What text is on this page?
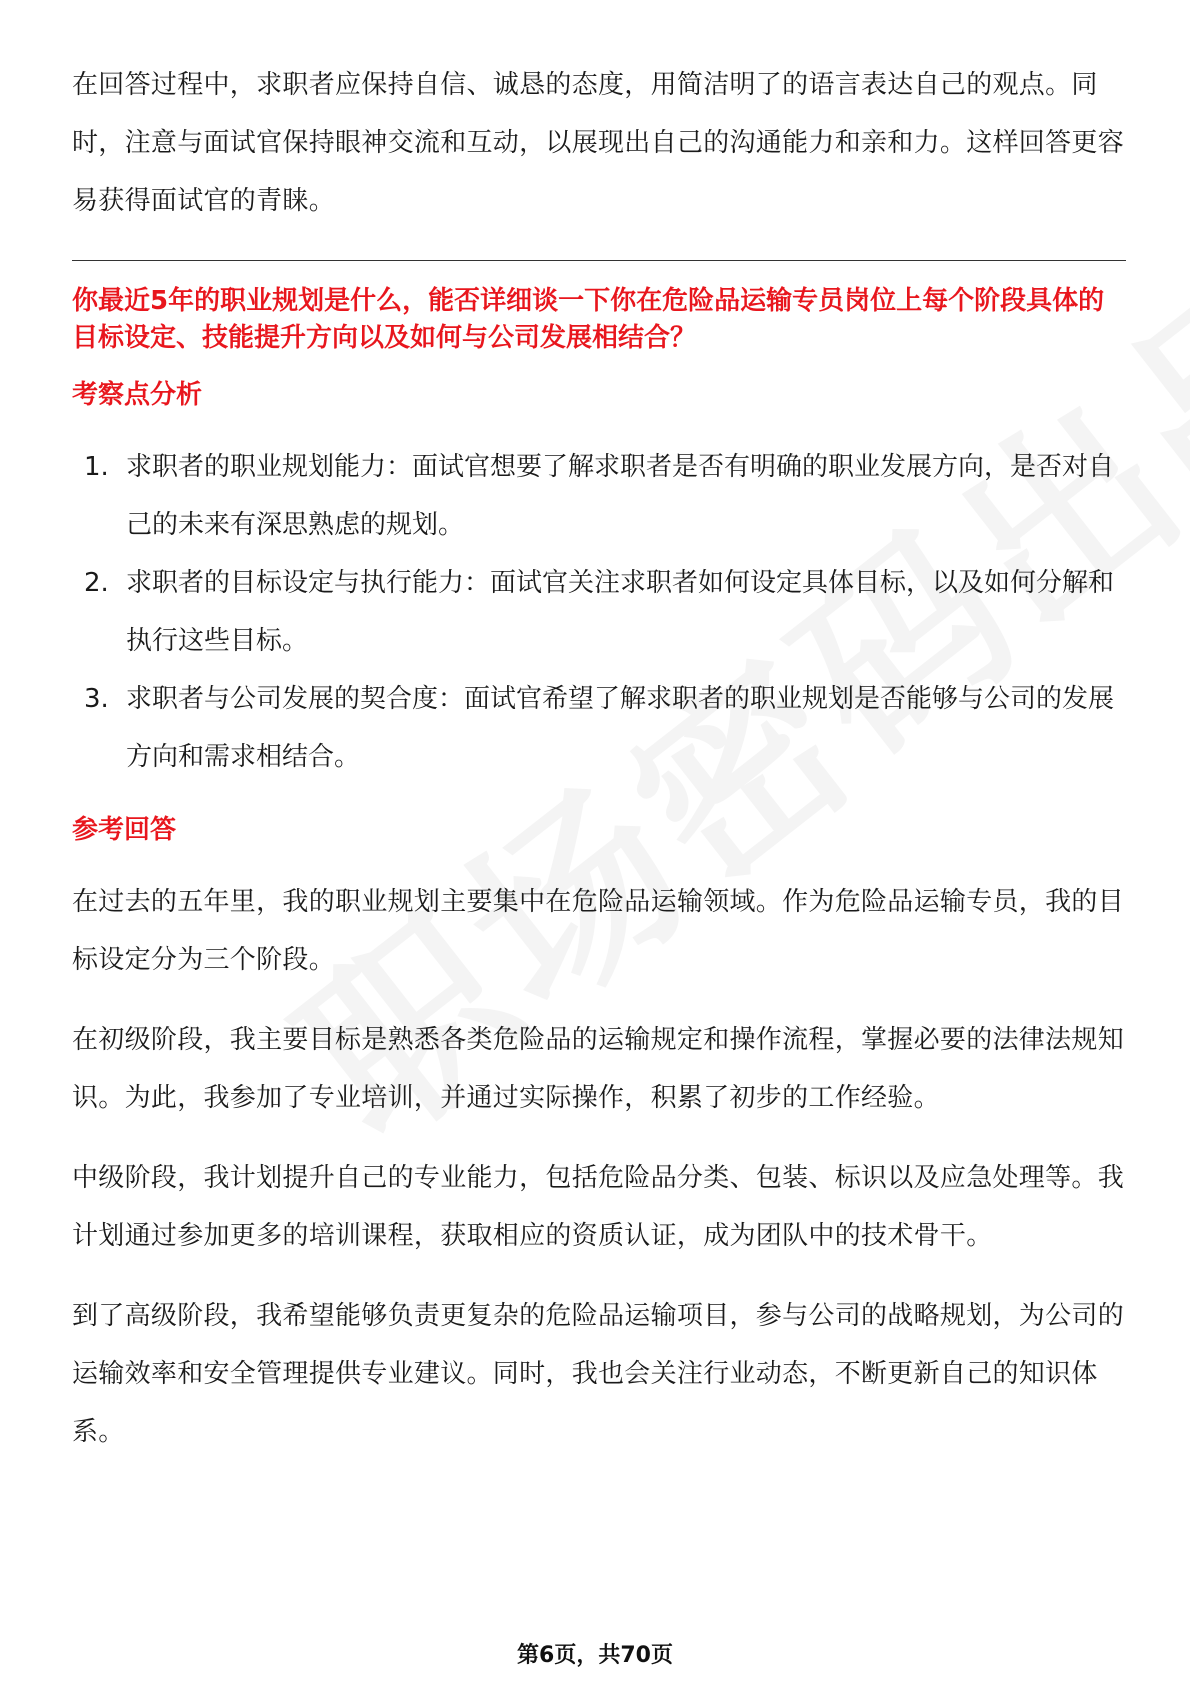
在回答过程中，求职者应保持自信、诚恳的态度，用简洁明了的语言表达自己的观点。同时，注意与面试官保持眼神交流和互动，以展现出自己的沟通能力和亲和力。这样回答更容易获得面试官的青睐。

你最近5年的职业规划是什么，能否详细谈一下你在危险品运输专员岗位上每个阶段具体的目标设定、技能提升方向以及如何与公司发展相结合？

考察点分析

1. 求职者的职业规划能力：面试官想要了解求职者是否有明确的职业发展方向，是否对自己的未来有深思熟虑的规划。
2. 求职者的目标设定与执行能力：面试官关注求职者如何设定具体目标，以及如何分解和执行这些目标。
3. 求职者与公司发展的契合度：面试官希望了解求职者的职业规划是否能够与公司的发展方向和需求相结合。

参考回答

在过去的五年里，我的职业规划主要集中在危险品运输领域。作为危险品运输专员，我的目标设定分为三个阶段。

在初级阶段，我主要目标是熟悉各类危险品的运输规定和操作流程，掌握必要的法律法规知识。为此，我参加了专业培训，并通过实际操作，积累了初步的工作经验。

中级阶段，我计划提升自己的专业能力，包括危险品分类、包装、标识以及应急处理等。我计划通过参加更多的培训课程，获取相应的资质认证，成为团队中的技术骨干。

到了高级阶段，我希望能够负责更复杂的危险品运输项目，参与公司的战略规划，为公司的运输效率和安全管理提供专业建议。同时，我也会关注行业动态，不断更新自己的知识体系。

第6页，共70页
